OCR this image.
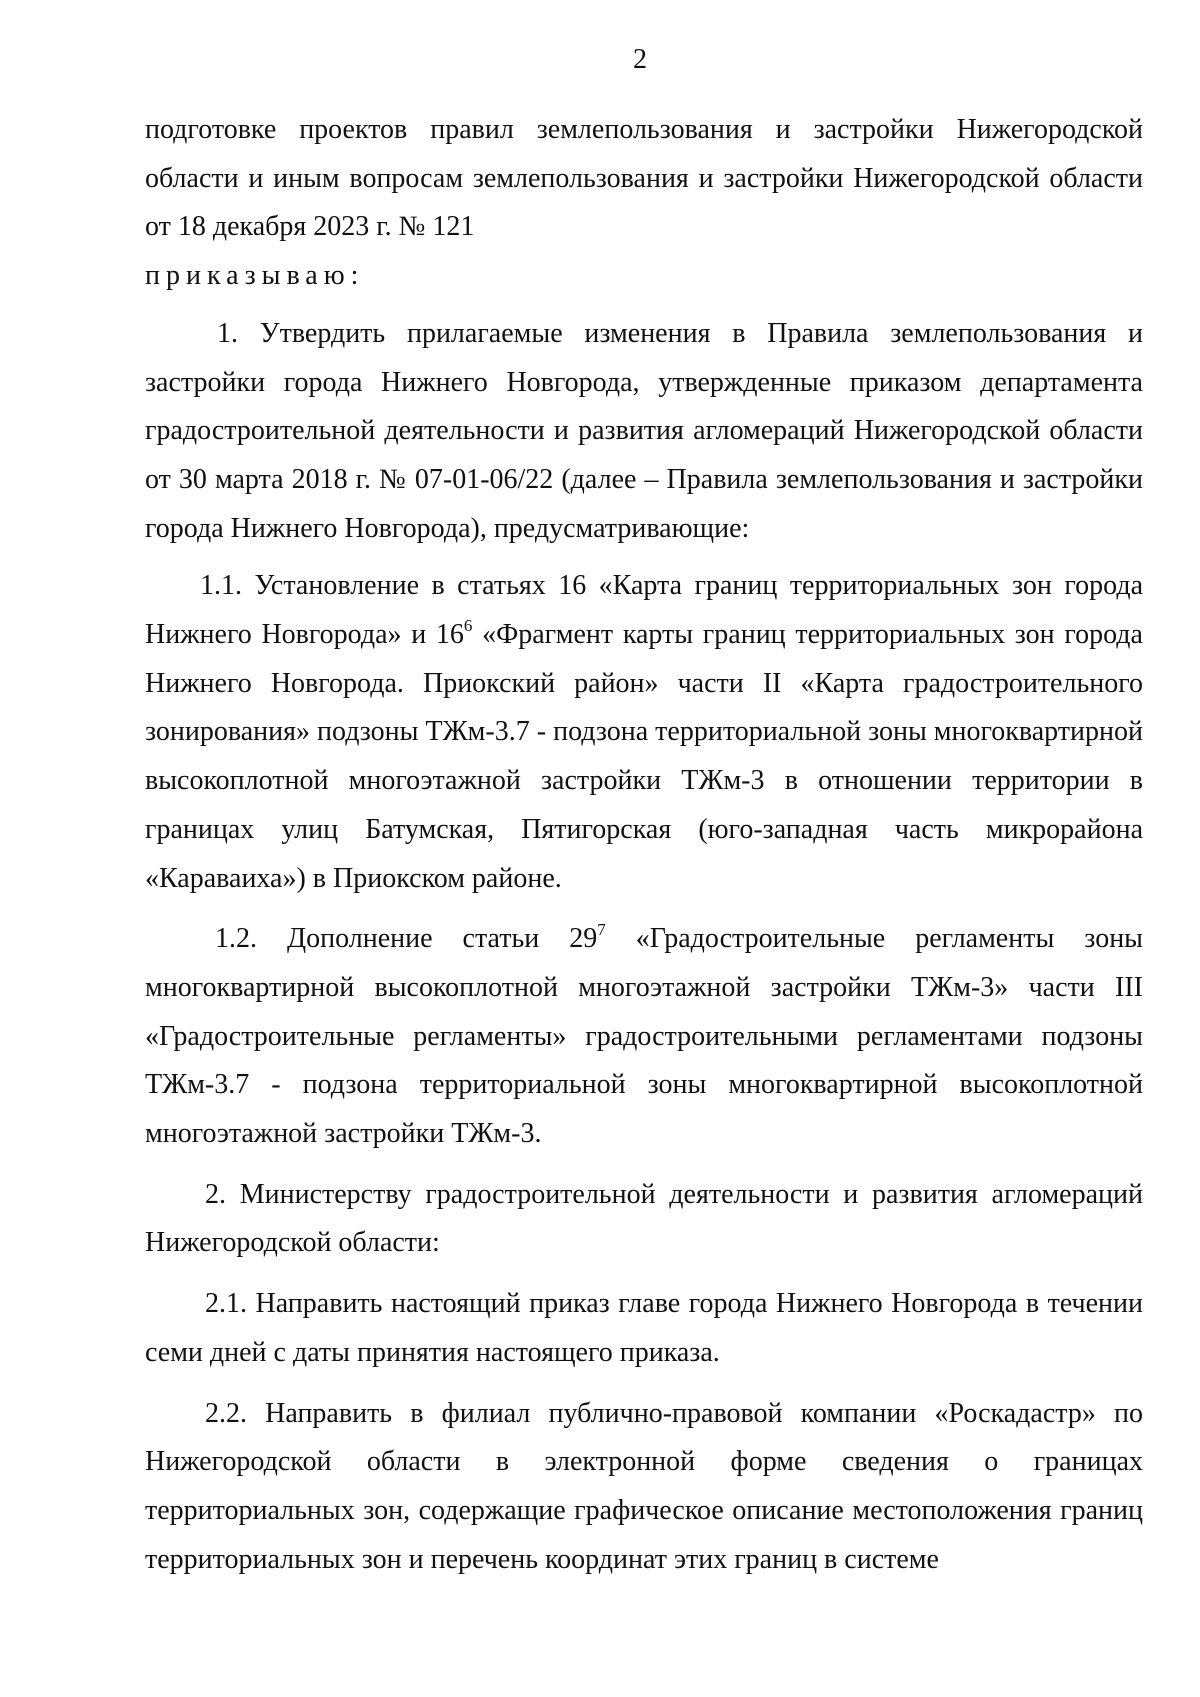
2

подготовке проектов правил землепользования и застройки Нижегородской области и иным вопросам землепользования и застройки Нижегородской области от 18 декабря 2023 г. № 121

приказываю:

1. Утвердить прилагаемые изменения в Правила землепользования и застройки города Нижнего Новгорода, утвержденные приказом департамента градостроительной деятельности и развития агломераций Нижегородской области от 30 марта 2018 г. № 07-01-06/22 (далее – Правила землепользования и застройки города Нижнего Новгорода), предусматривающие:

1.1. Установление в статьях 16 «Карта границ территориальных зон города Нижнего Новгорода» и $16^6$ «Фрагмент карты границ территориальных зон города Нижнего Новгорода. Приокский район» части II «Карта градостроительного зонирования» подзоны ТЖм-3.7 - подзона территориальной зоны многоквартирной высокоплотной многоэтажной застройки ТЖм-3 в отношении территории в границах улиц Батумская, Пятигорская (юго-западная часть микрорайона «Караваиха») в Приокском районе.

1.2. Дополнение статьи $29^7$ «Градостроительные регламенты зоны многоквартирной высокоплотной многоэтажной застройки ТЖм-3» части III «Градостроительные регламенты» градостроительными регламентами подзоны ТЖм-3.7 - подзона территориальной зоны многоквартирной высокоплотной многоэтажной застройки ТЖм-3.

2. Министерству градостроительной деятельности и развития агломераций Нижегородской области:

2.1. Направить настоящий приказ главе города Нижнего Новгорода в течении семи дней с даты принятия настоящего приказа.

2.2. Направить в филиал публично-правовой компании «Роскадастр» по Нижегородской области в электронной форме сведения о границах территориальных зон, содержащие графическое описание местоположения границ территориальных зон и перечень координат этих границ в системе
